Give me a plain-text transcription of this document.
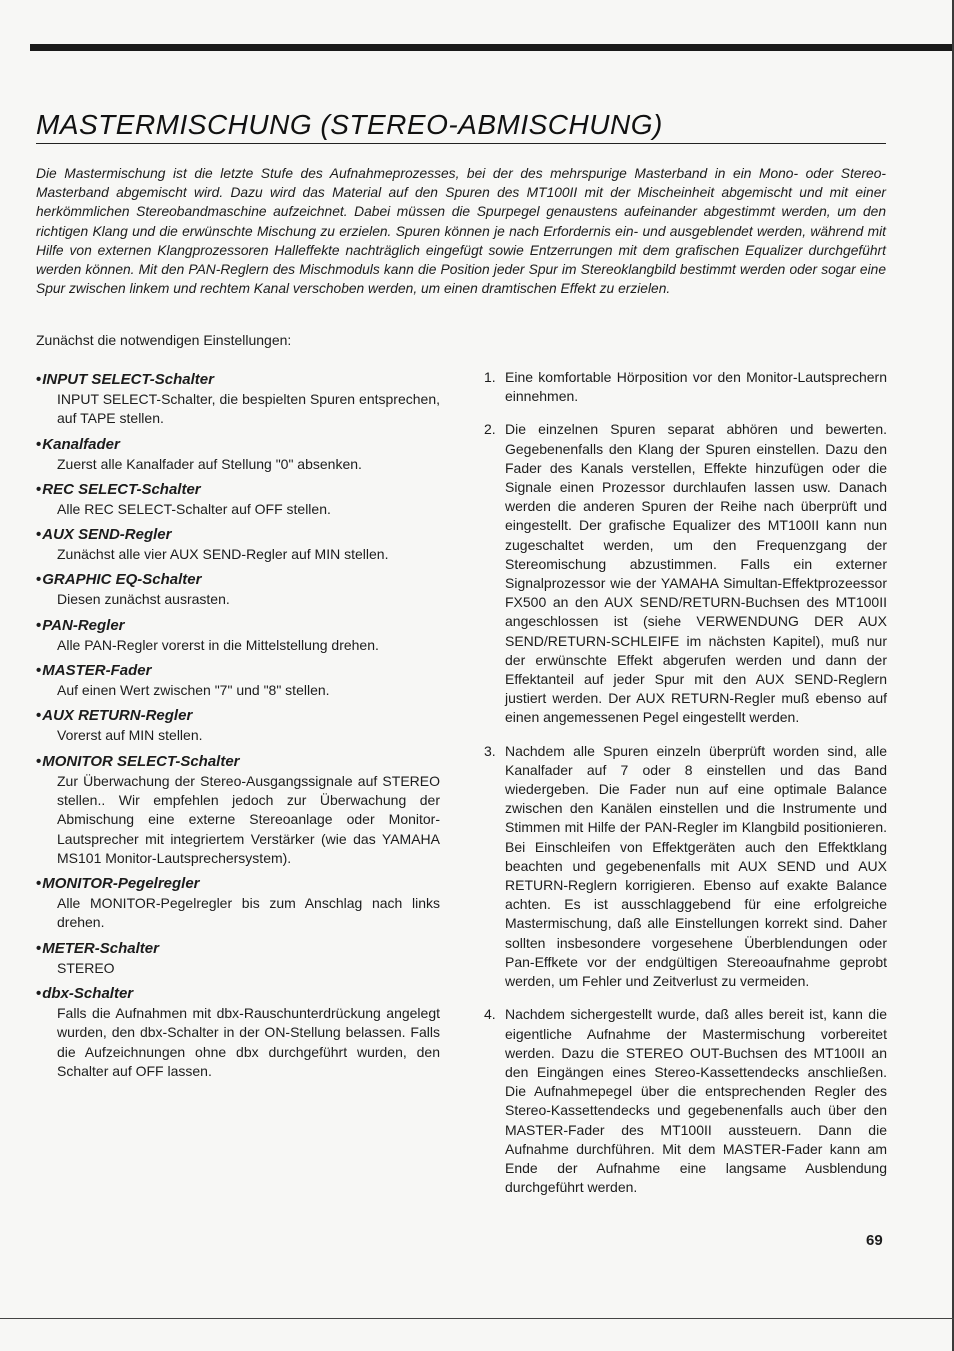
MASTERMISCHUNG (STEREO-ABMISCHUNG)

Die Mastermischung ist die letzte Stufe des Aufnahmeprozesses, bei der des mehrspurige Masterband in ein Mono- oder Stereo-Masterband abgemischt wird. Dazu wird das Material auf den Spuren des MT100II mit der Mischeinheit abgemischt und mit einer herkömmlichen Stereobandmaschine aufzeichnet. Dabei müssen die Spurpegel genaustens aufeinander abgestimmt werden, um den richtigen Klang und die erwünschte Mischung zu erzielen. Spuren können je nach Erfordernis ein- und ausgeblendet werden, während mit Hilfe von externen Klangprozessoren Halleffekte nachträglich eingefügt sowie Entzerrungen mit dem grafischen Equalizer durchgeführt werden können. Mit den PAN-Reglern des Mischmoduls kann die Position jeder Spur im Stereoklangbild bestimmt werden oder sogar eine Spur zwischen linkem und rechtem Kanal verschoben werden, um einen dramtischen Effekt zu erzielen.

Zunächst die notwendigen Einstellungen:

•INPUT SELECT-Schalter

INPUT SELECT-Schalter, die bespielten Spuren entsprechen, auf TAPE stellen.

•Kanalfader

Zuerst alle Kanalfader auf Stellung "0" absenken.

•REC SELECT-Schalter

Alle REC SELECT-Schalter auf OFF stellen.

•AUX SEND-Regler

Zunächst alle vier AUX SEND-Regler auf MIN stellen.

•GRAPHIC EQ-Schalter

Diesen zunächst ausrasten.

•PAN-Regler

Alle PAN-Regler vorerst in die Mittelstellung drehen.

•MASTER-Fader

Auf einen Wert zwischen "7" und "8" stellen.

•AUX RETURN-Regler

Vorerst auf MIN stellen.

•MONITOR SELECT-Schalter

Zur Überwachung der Stereo-Ausgangssignale auf STEREO stellen.. Wir empfehlen jedoch zur Überwachung der Abmischung eine externe Stereoanlage oder Monitor-Lautsprecher mit integriertem Verstärker (wie das YAMAHA MS101 Monitor-Lautsprechersystem).

•MONITOR-Pegelregler

Alle MONITOR-Pegelregler bis zum Anschlag nach links drehen.

•METER-Schalter

STEREO

•dbx-Schalter

Falls die Aufnahmen mit dbx-Rauschunterdrückung angelegt wurden, den dbx-Schalter in der ON-Stellung belassen. Falls die Aufzeichnungen ohne dbx durchgeführt wurden, den Schalter auf OFF lassen.

1. Eine komfortable Hörposition vor den Monitor-Lautsprechern einnehmen.
2. Die einzelnen Spuren separat abhören und bewerten. Gegebenenfalls den Klang der Spuren einstellen. Dazu den Fader des Kanals verstellen, Effekte hinzufügen oder die Signale einen Prozessor durchlaufen lassen usw. Danach werden die anderen Spuren der Reihe nach überprüft und eingestellt. Der grafische Equalizer des MT100II kann nun zugeschaltet werden, um den Frequenzgang der Stereomischung abzustimmen. Falls ein externer Signalprozessor wie der YAMAHA Simultan-Effektprozeessor FX500 an den AUX SEND/RETURN-Buchsen des MT100II angeschlossen ist (siehe VERWENDUNG DER AUX SEND/RETURN-SCHLEIFE im nächsten Kapitel), muß nur der erwünschte Effekt abgerufen werden und dann der Effektanteil auf jeder Spur mit den AUX SEND-Reglern justiert werden. Der AUX RETURN-Regler muß ebenso auf einen angemessenen Pegel eingestellt werden.
3. Nachdem alle Spuren einzeln überprüft worden sind, alle Kanalfader auf 7 oder 8 einstellen und das Band wiedergeben. Die Fader nun auf eine optimale Balance zwischen den Kanälen einstellen und die Instrumente und Stimmen mit Hilfe der PAN-Regler im Klangbild positionieren. Bei Einschleifen von Effektgeräten auch den Effektklang beachten und gegebenenfalls mit AUX SEND und AUX RETURN-Reglern korrigieren. Ebenso auf exakte Balance achten. Es ist ausschlaggebend für eine erfolgreiche Mastermischung, daß alle Einstellungen korrekt sind. Daher sollten insbesondere vorgesehene Überblendungen oder Pan-Effkete vor der endgültigen Stereoaufnahme geprobt werden, um Fehler und Zeitverlust zu vermeiden.
4. Nachdem sichergestellt wurde, daß alles bereit ist, kann die eigentliche Aufnahme der Mastermischung vorbereitet werden. Dazu die STEREO OUT-Buchsen des MT100II an den Eingängen eines Stereo-Kassettendecks anschließen. Die Aufnahmepegel über die entsprechenden Regler des Stereo-Kassettendecks und gegebenenfalls auch über den MASTER-Fader des MT100II aussteuern. Dann die Aufnahme durchführen. Mit dem MASTER-Fader kann am Ende der Aufnahme eine langsame Ausblendung durchgeführt werden.
69
